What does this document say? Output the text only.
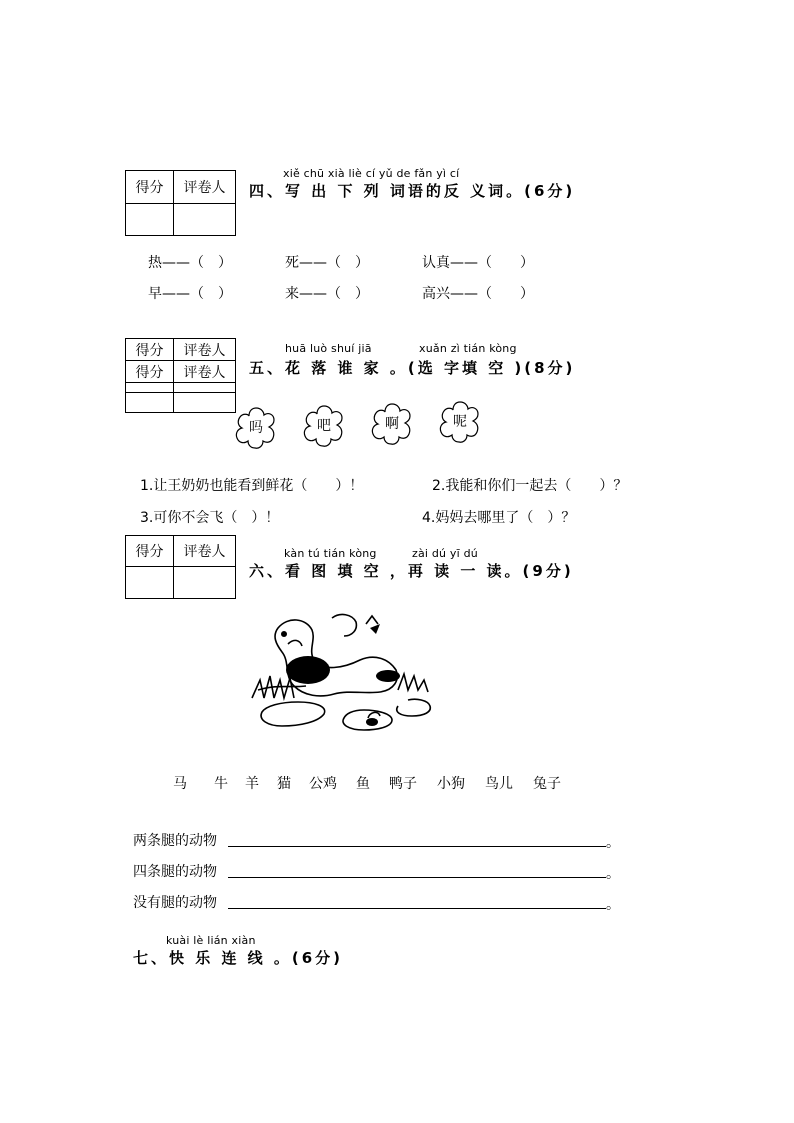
得分	评卷人

xiě chū xià liè cí yǔ de fǎn yì cí
四、写 出 下 列 词语的反 义词。(6分)
热——（　）	死——（　）	认真——（　　）
早——（　）	来——（　）	高兴——（　　）
得分	评卷人
得分	评卷人

huā luò shuí jiā	xuǎn zì tián kòng
五、花 落 谁 家 。(选 字填 空 )(8分)
吗	吧	啊	呢
1.让王奶奶也能看到鲜花（　　）！	2.我能和你们一起去（　　）？
3.可你不会飞（　）！	4.妈妈去哪里了（　）？
得分	评卷人
		kàn tú tián kòng	zài dú yī dú
六、看 图 填 空 ，再 读 一 读。(9分)
马 牛 羊 猫 公鸡 鱼 鸭子 小狗 鸟儿 兔子
两条腿的动物	。
四条腿的动物	。
没有腿的动物	。
kuài lè lián xiàn
七、快 乐 连 线 。(6分)
